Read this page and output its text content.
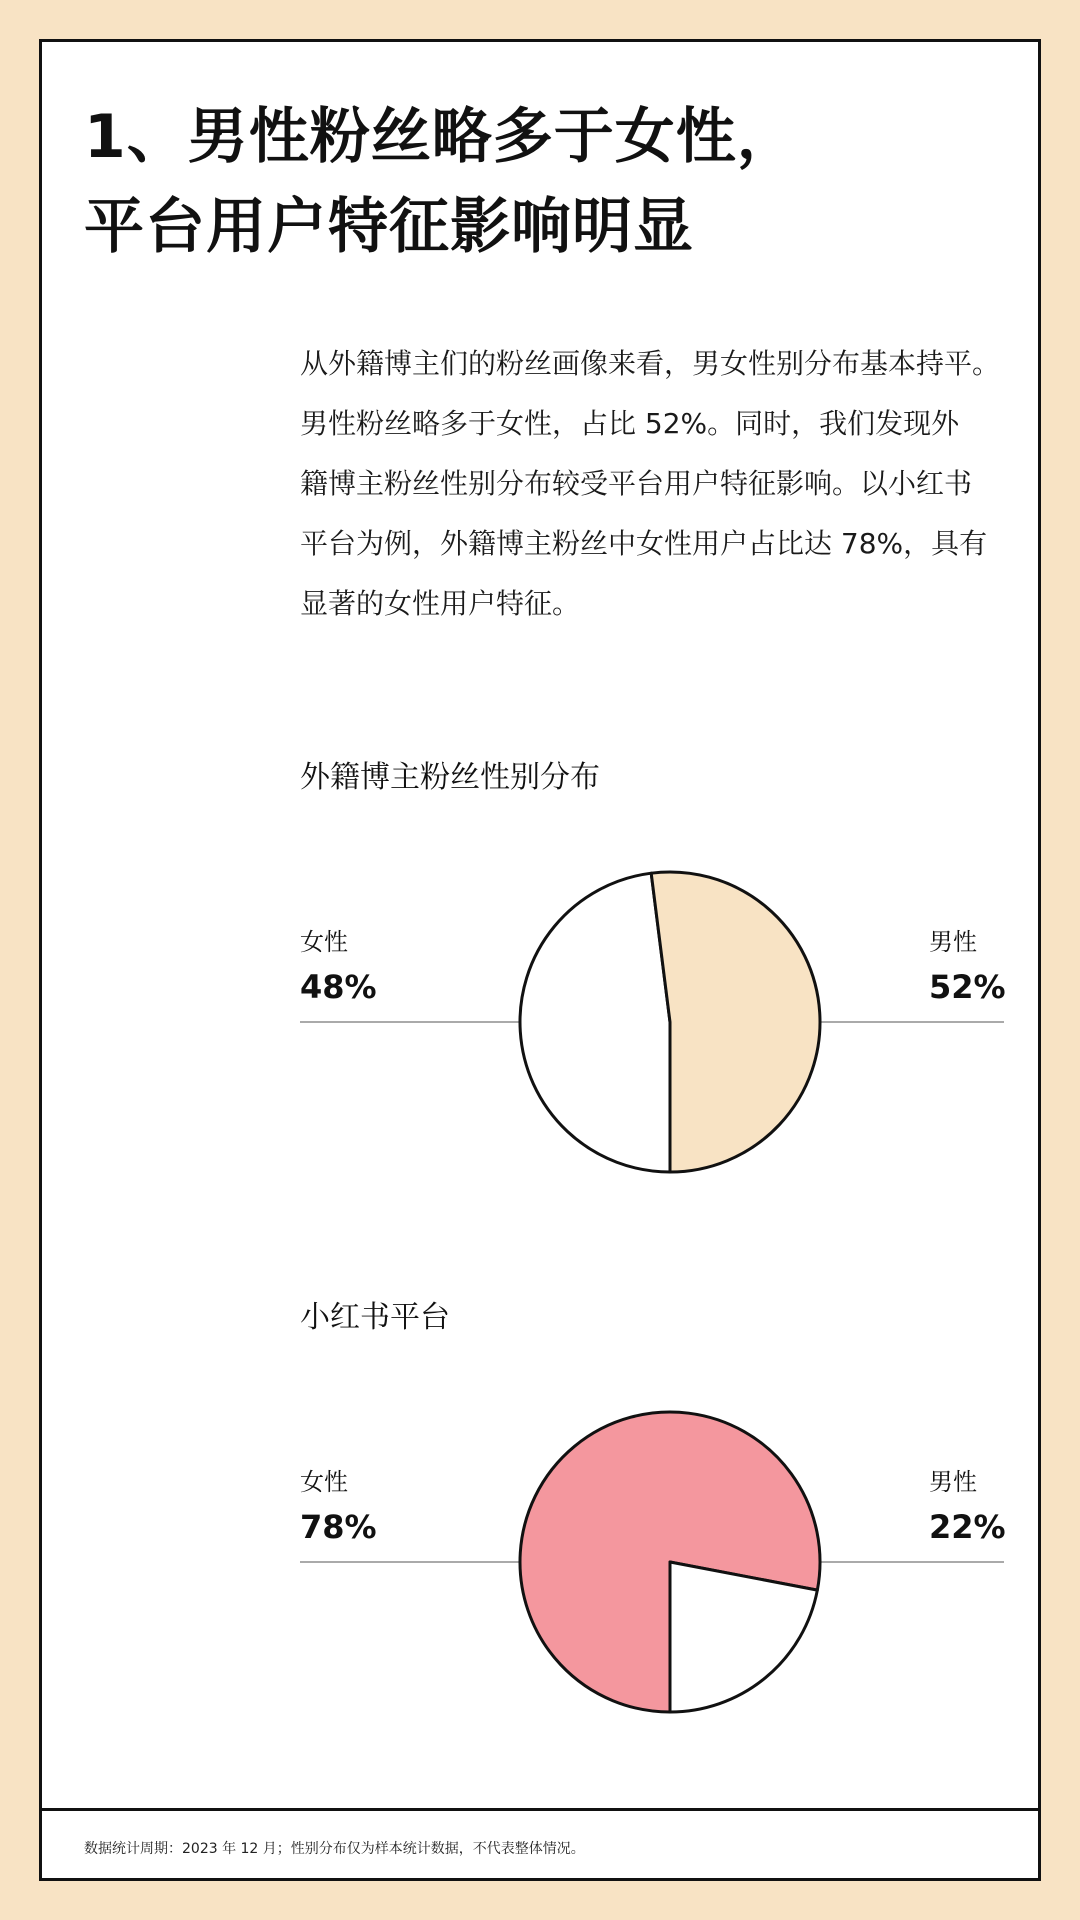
1、男性粉丝略多于女性，
平台用户特征影响明显
从外籍博主们的粉丝画像来看，男女性别分布基本持平。
男性粉丝略多于女性，占比 52%。同时，我们发现外
籍博主粉丝性别分布较受平台用户特征影响。以小红书
平台为例，外籍博主粉丝中女性用户占比达 78%，具有
显著的女性用户特征。
外籍博主粉丝性别分布
女性
48%
男性
52%
小红书平台
女性
78%
男性
22%
数据统计周期：2023 年 12 月；性别分布仅为样本统计数据，不代表整体情况。
